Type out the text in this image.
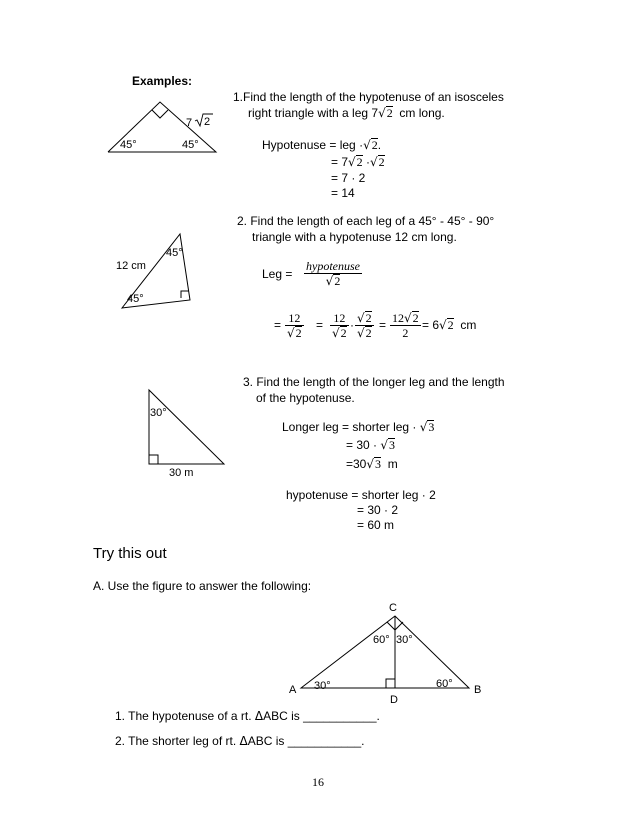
Examples:
45°	45°
7 2
1.Find the length of the hypotenuse of an isosceles
right triangle with a leg 7√2 cm long.
Hypotenuse = leg ·√2.
= 7√2 ·√2
= 7 · 2
= 14
45°
45°
12 cm
2. Find the length of each leg of a 45° - 45° - 90°
triangle with a hypotenuse 12 cm long.
Leg =
hypotenuse
√2
= $\frac{12}{√2} = \frac{12}{√2} \cdot \frac{√2}{√2} = \frac{12√2}{2} = 6√2$ cm
30°
30 m
3. Find the length of the longer leg and the length
of the hypotenuse.
Longer leg = shorter leg · √3
= 30 · √3
=30√3 m
hypotenuse = shorter leg · 2
= 30 · 2
= 60 m
Try this out
A. Use the figure to answer the following:
C
A	B
D
60° 30°
30°	60°
1. The hypotenuse of a rt. ΔABC is ___________.
2. The shorter leg of rt. ΔABC is ___________.
16
